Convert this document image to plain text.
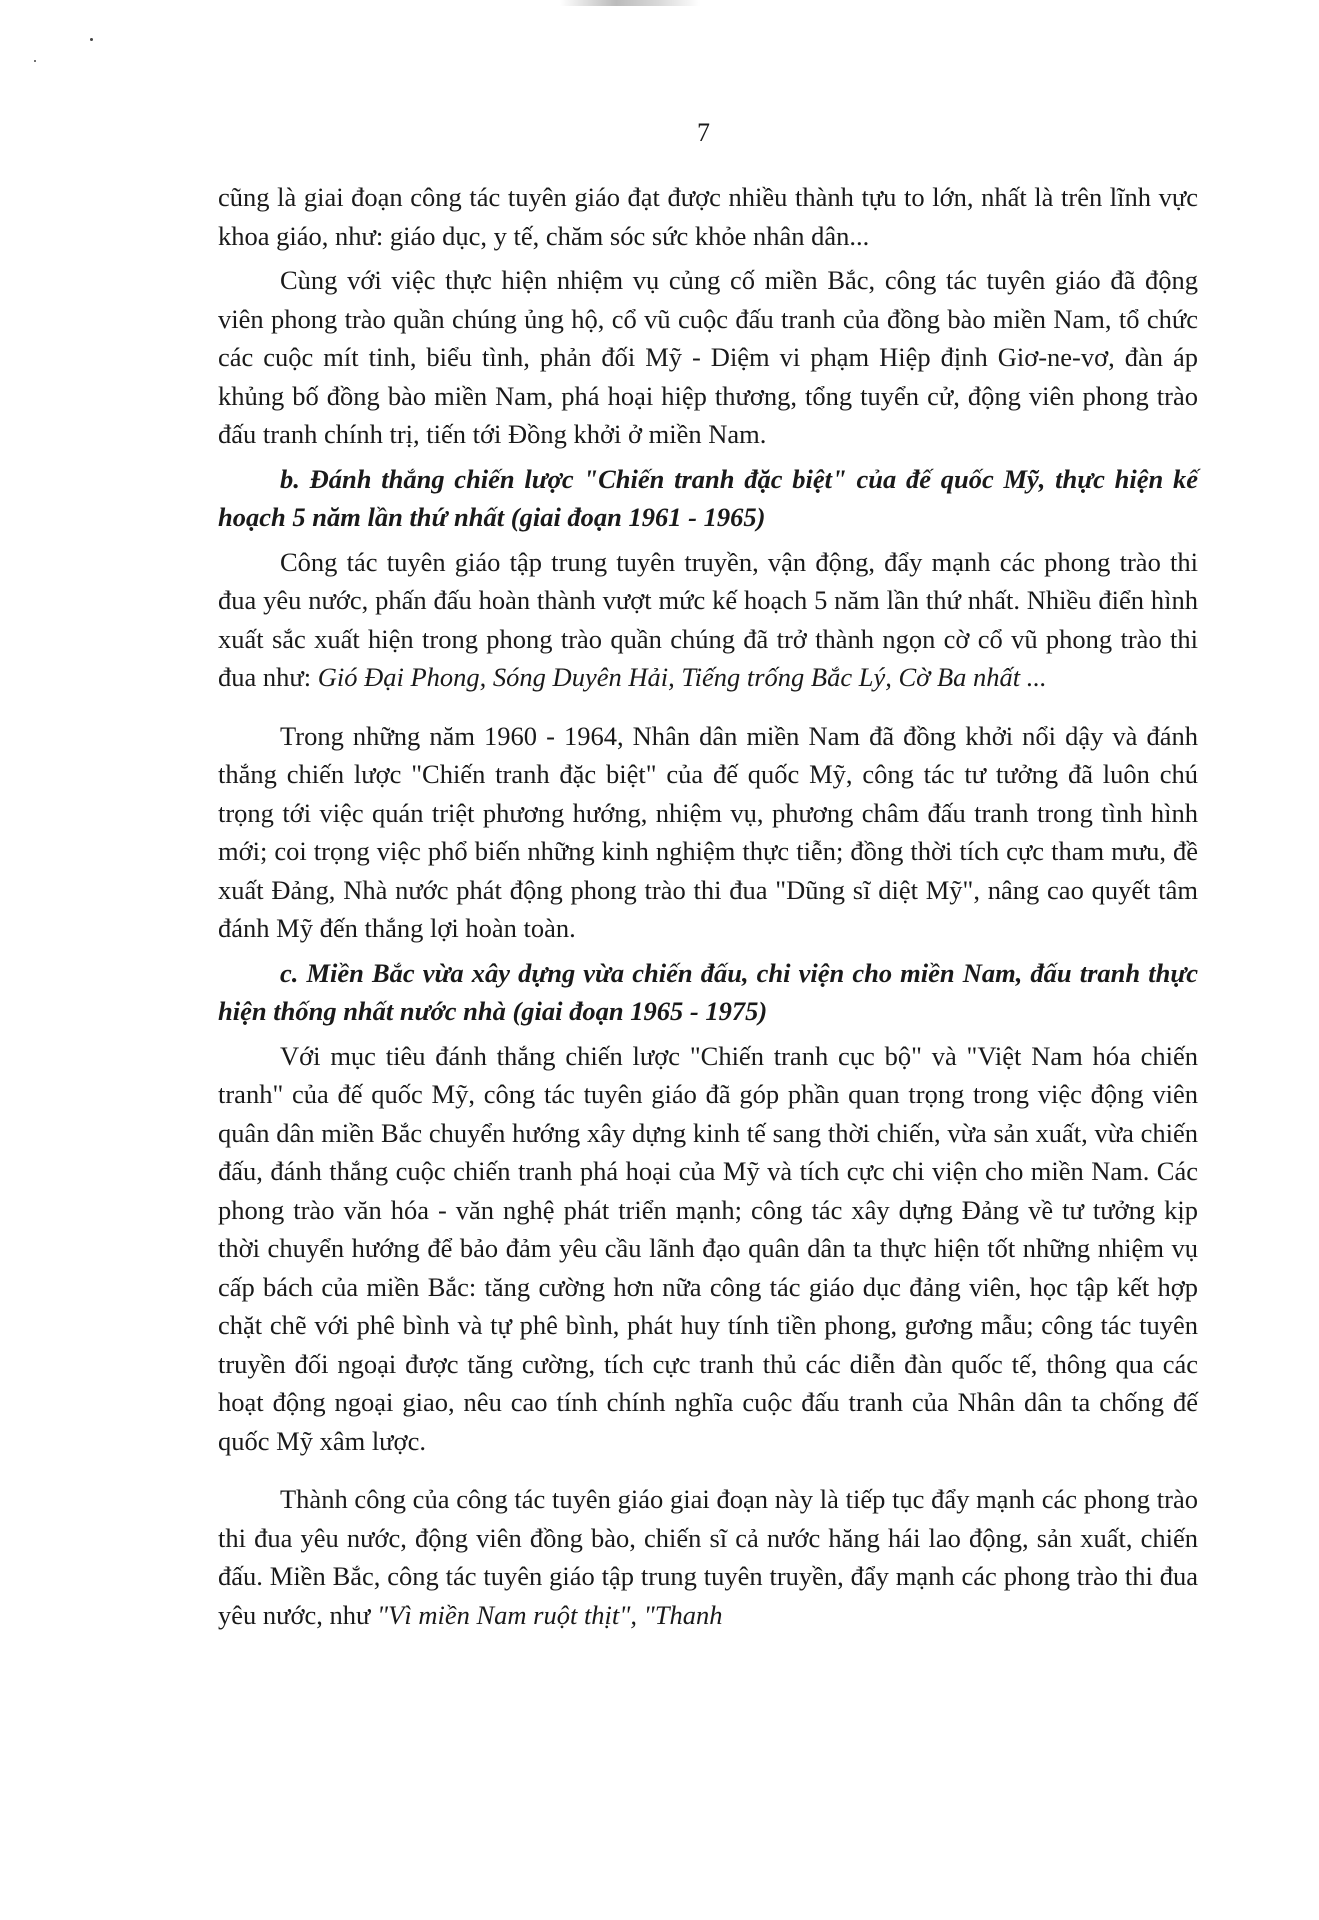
7

cũng là giai đoạn công tác tuyên giáo đạt được nhiều thành tựu to lớn, nhất là trên lĩnh vực khoa giáo, như: giáo dục, y tế, chăm sóc sức khỏe nhân dân...

Cùng với việc thực hiện nhiệm vụ củng cố miền Bắc, công tác tuyên giáo đã động viên phong trào quần chúng ủng hộ, cổ vũ cuộc đấu tranh của đồng bào miền Nam, tổ chức các cuộc mít tinh, biểu tình, phản đối Mỹ - Diệm vi phạm Hiệp định Giơ-ne-vơ, đàn áp khủng bố đồng bào miền Nam, phá hoại hiệp thương, tổng tuyển cử, động viên phong trào đấu tranh chính trị, tiến tới Đồng khởi ở miền Nam.

b. Đánh thắng chiến lược "Chiến tranh đặc biệt" của đế quốc Mỹ, thực hiện kế hoạch 5 năm lần thứ nhất (giai đoạn 1961 - 1965)

Công tác tuyên giáo tập trung tuyên truyền, vận động, đẩy mạnh các phong trào thi đua yêu nước, phấn đấu hoàn thành vượt mức kế hoạch 5 năm lần thứ nhất. Nhiều điển hình xuất sắc xuất hiện trong phong trào quần chúng đã trở thành ngọn cờ cổ vũ phong trào thi đua như: Gió Đại Phong, Sóng Duyên Hải, Tiếng trống Bắc Lý, Cờ Ba nhất ...

Trong những năm 1960 - 1964, Nhân dân miền Nam đã đồng khởi nổi dậy và đánh thắng chiến lược "Chiến tranh đặc biệt" của đế quốc Mỹ, công tác tư tưởng đã luôn chú trọng tới việc quán triệt phương hướng, nhiệm vụ, phương châm đấu tranh trong tình hình mới; coi trọng việc phổ biến những kinh nghiệm thực tiễn; đồng thời tích cực tham mưu, đề xuất Đảng, Nhà nước phát động phong trào thi đua "Dũng sĩ diệt Mỹ", nâng cao quyết tâm đánh Mỹ đến thắng lợi hoàn toàn.

c. Miền Bắc vừa xây dựng vừa chiến đấu, chi viện cho miền Nam, đấu tranh thực hiện thống nhất nước nhà (giai đoạn 1965 - 1975)

Với mục tiêu đánh thắng chiến lược "Chiến tranh cục bộ" và "Việt Nam hóa chiến tranh" của đế quốc Mỹ, công tác tuyên giáo đã góp phần quan trọng trong việc động viên quân dân miền Bắc chuyển hướng xây dựng kinh tế sang thời chiến, vừa sản xuất, vừa chiến đấu, đánh thắng cuộc chiến tranh phá hoại của Mỹ và tích cực chi viện cho miền Nam. Các phong trào văn hóa - văn nghệ phát triển mạnh; công tác xây dựng Đảng về tư tưởng kịp thời chuyển hướng để bảo đảm yêu cầu lãnh đạo quân dân ta thực hiện tốt những nhiệm vụ cấp bách của miền Bắc: tăng cường hơn nữa công tác giáo dục đảng viên, học tập kết hợp chặt chẽ với phê bình và tự phê bình, phát huy tính tiền phong, gương mẫu; công tác tuyên truyền đối ngoại được tăng cường, tích cực tranh thủ các diễn đàn quốc tế, thông qua các hoạt động ngoại giao, nêu cao tính chính nghĩa cuộc đấu tranh của Nhân dân ta chống đế quốc Mỹ xâm lược.

Thành công của công tác tuyên giáo giai đoạn này là tiếp tục đẩy mạnh các phong trào thi đua yêu nước, động viên đồng bào, chiến sĩ cả nước hăng hái lao động, sản xuất, chiến đấu. Miền Bắc, công tác tuyên giáo tập trung tuyên truyền, đẩy mạnh các phong trào thi đua yêu nước, như "Vì miền Nam ruột thịt", "Thanh
